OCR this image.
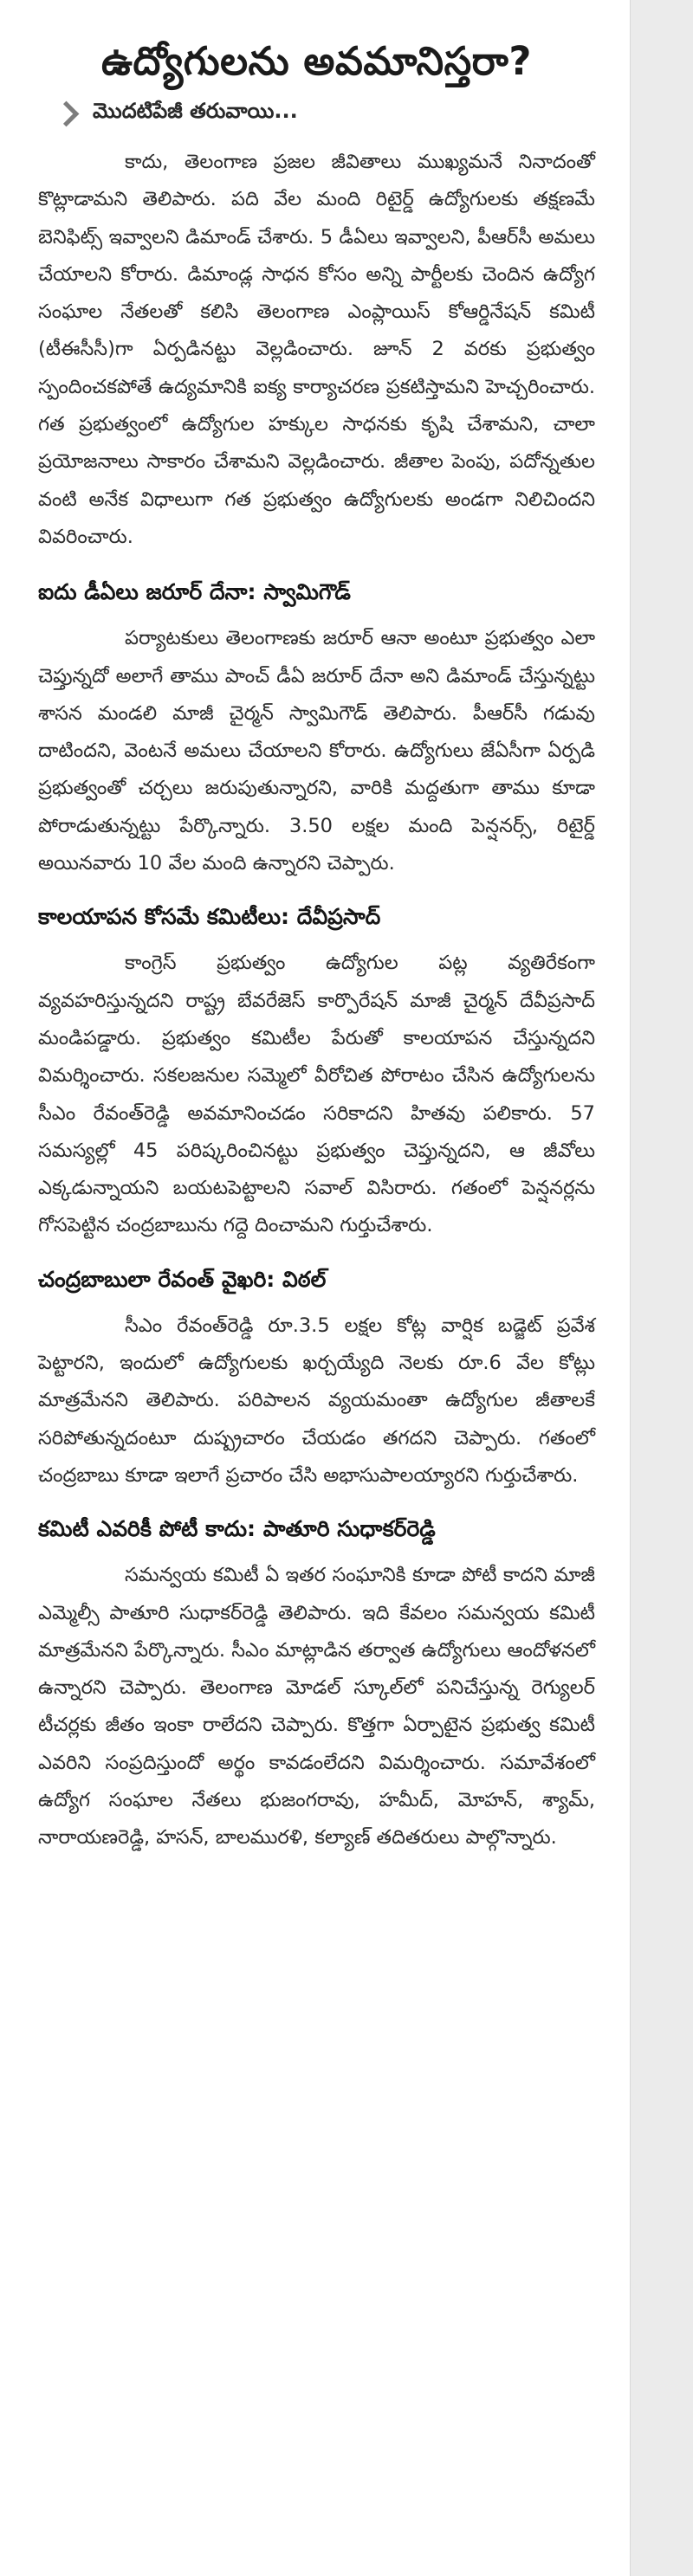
ఉద్యోగులను అవమానిస్తరా?
మొదటిపేజీ తరువాయి...

కాదు, తెలంగాణ ప్రజల జీవితాలు ముఖ్యమనే నినాదంతో కొట్లాడామని తెలిపారు. పది వేల మంది రిటైర్డ్ ఉద్యోగులకు తక్షణమే బెనిఫిట్స్ ఇవ్వాలని డిమాండ్ చేశారు. 5 డీఏలు ఇవ్వాలని, పీఆర్‌సీ అమలు చేయాలని కోరారు. డిమాండ్ల సాధన కోసం అన్ని పార్టీలకు చెందిన ఉద్యోగ సంఘాల నేతలతో కలిసి తెలంగాణ ఎంప్లాయిస్ కోఆర్డినేషన్ కమిటీ (టీఈసీసీ)గా ఏర్పడినట్టు వెల్లడించారు. జూన్ 2 వరకు ప్రభుత్వం స్పందించకపోతే ఉద్యమానికి ఐక్య కార్యాచరణ ప్రకటిస్తామని హెచ్చరించారు. గత ప్రభుత్వంలో ఉద్యోగుల హక్కుల సాధనకు కృషి చేశామని, చాలా ప్రయోజనాలు సాకారం చేశామని వెల్లడించారు. జీతాల పెంపు, పదోన్నతుల వంటి అనేక విధాలుగా గత ప్రభుత్వం ఉద్యోగులకు అండగా నిలిచిందని వివరించారు.

ఐదు డీఏలు జరూర్ దేనా: స్వామిగౌడ్

పర్యాటకులు తెలంగాణకు జరూర్ ఆనా అంటూ ప్రభుత్వం ఎలా చెప్తున్నదో అలాగే తాము పాంచ్ డీఏ జరూర్ దేనా అని డిమాండ్ చేస్తున్నట్టు శాసన మండలి మాజీ చైర్మన్ స్వామిగౌడ్ తెలిపారు. పీఆర్‌సీ గడువు దాటిందని, వెంటనే అమలు చేయాలని కోరారు. ఉద్యోగులు జేఏసీగా ఏర్పడి ప్రభుత్వంతో చర్చలు జరుపుతున్నారని, వారికి మద్దతుగా తాము కూడా పోరాడుతున్నట్టు పేర్కొన్నారు. 3.50 లక్షల మంది పెన్షనర్స్, రిటైర్డ్ అయినవారు 10 వేల మంది ఉన్నారని చెప్పారు.

కాలయాపన కోసమే కమిటీలు: దేవీప్రసాద్

కాంగ్రెస్ ప్రభుత్వం ఉద్యోగుల పట్ల వ్యతిరేకంగా వ్యవహరిస్తున్నదని రాష్ట్ర బేవరేజెస్ కార్పొరేషన్ మాజీ చైర్మన్ దేవీప్రసాద్ మండిపడ్డారు. ప్రభుత్వం కమిటీల పేరుతో కాలయాపన చేస్తున్నదని విమర్శించారు. సకలజనుల సమ్మెలో వీరోచిత పోరాటం చేసిన ఉద్యోగులను సీఎం రేవంత్‌రెడ్డి అవమానించడం సరికాదని హితవు పలికారు. 57 సమస్యల్లో 45 పరిష్కరించినట్టు ప్రభుత్వం చెప్తున్నదని, ఆ జీవోలు ఎక్కడున్నాయని బయటపెట్టాలని సవాల్ విసిరారు. గతంలో పెన్షనర్లను గోసపెట్టిన చంద్రబాబును గద్దె దించామని గుర్తుచేశారు.

చంద్రబాబులా రేవంత్ వైఖరి: విఠల్

సీఎం రేవంత్‌రెడ్డి రూ.3.5 లక్షల కోట్ల వార్షిక బడ్జెట్ ప్రవేశ పెట్టారని, ఇందులో ఉద్యోగులకు ఖర్చయ్యేది నెలకు రూ.6 వేల కోట్లు మాత్రమేనని తెలిపారు. పరిపాలన వ్యయమంతా ఉద్యోగుల జీతాలకే సరిపోతున్నదంటూ దుష్ప్రచారం చేయడం తగదని చెప్పారు. గతంలో చంద్రబాబు కూడా ఇలాగే ప్రచారం చేసి అభాసుపాలయ్యారని గుర్తుచేశారు.

కమిటీ ఎవరికీ పోటీ కాదు: పాతూరి సుధాకర్‌రెడ్డి

సమన్వయ కమిటీ ఏ ఇతర సంఘానికి కూడా పోటీ కాదని మాజీ ఎమ్మెల్సీ పాతూరి సుధాకర్‌రెడ్డి తెలిపారు. ఇది కేవలం సమన్వయ కమిటీ మాత్రమేనని పేర్కొన్నారు. సీఎం మాట్లాడిన తర్వాత ఉద్యోగులు ఆందోళనలో ఉన్నారని చెప్పారు. తెలంగాణ మోడల్ స్కూల్‌లో పనిచేస్తున్న రెగ్యులర్ టీచర్లకు జీతం ఇంకా రాలేదని చెప్పారు. కొత్తగా ఏర్పాటైన ప్రభుత్వ కమిటీ ఎవరిని సంప్రదిస్తుందో అర్థం కావడంలేదని విమర్శించారు. సమావేశంలో ఉద్యోగ సంఘాల నేతలు భుజంగరావు, హమీద్, మోహన్, శ్యామ్, నారాయణరెడ్డి, హసన్, బాలమురళి, కల్యాణ్ తదితరులు పాల్గొన్నారు.
